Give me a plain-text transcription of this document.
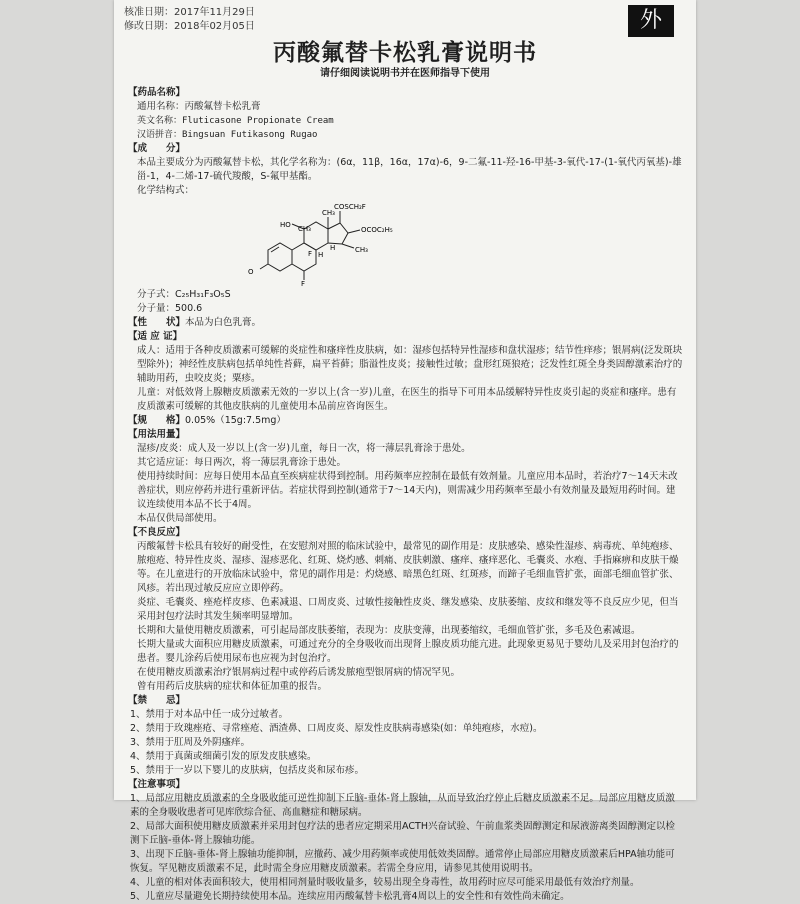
核准日期：2017年11月29日
修改日期：2018年02月05日	外
丙酸氟替卡松乳膏说明书
请仔细阅读说明书并在医师指导下使用

【药品名称】

通用名称：丙酸氟替卡松乳膏

英文名称：Fluticasone Propionate Cream

汉语拼音：Bingsuan Futikasong Rugao

【成　　分】

本品主要成分为丙酸氟替卡松，其化学名称为：(6α，11β，16α，17α)-6，9-二氟-11-羟-16-甲基-3-氧代-17-(1-氧代丙氧基)-雄甾-1，4-二烯-17-硫代羧酸，S-氟甲基酯。

化学结构式：

O
HO
COSCH₂F
OCOC₂H₅
CH₃
CH₃
CH₃
H
H
F
F

分子式：C₂₅H₃₁F₃O₅S

分子量：500.6

【性　　状】本品为白色乳膏。

【适 应 证】

成人：适用于各种皮质激素可缓解的炎症性和瘙痒性皮肤病，如：湿疹包括特异性湿疹和盘状湿疹；结节性痒疹；银屑病(泛发斑块型除外)；神经性皮肤病包括单纯性苔藓，扁平苔藓；脂溢性皮炎；接触性过敏；盘形红斑狼疮；泛发性红斑全身类固醇激素治疗的辅助用药，虫咬皮炎；粟疹。

儿童：对低效肾上腺糖皮质激素无效的一岁以上(含一岁)儿童，在医生的指导下可用本品缓解特异性皮炎引起的炎症和瘙痒。患有皮质激素可缓解的其他皮肤病的儿童使用本品前应咨询医生。

【规　　格】0.05%（15g:7.5mg）

【用法用量】

湿疹/皮炎：成人及一岁以上(含一岁)儿童，每日一次，将一薄层乳膏涂于患处。

其它适应证：每日两次，将一薄层乳膏涂于患处。

使用持续时间：应每日使用本品直至疾病症状得到控制。用药频率应控制在最低有效剂量。儿童应用本品时，若治疗7～14天未改善症状，则应停药并进行重新评估。若症状得到控制(通常于7～14天内)，则需减少用药频率至最小有效剂量及最短用药时间。建议连续使用本品不长于4周。

本品仅供局部使用。

【不良反应】

丙酸氟替卡松具有较好的耐受性，在安慰剂对照的临床试验中，最常见的副作用是：皮肤感染、感染性湿疹、病毒疣、单纯疱疹、脓疱疮、特异性皮炎、湿疹、湿疹恶化、红斑、烧灼感、刺痛、皮肤刺激、瘙痒、瘙痒恶化、毛囊炎、水疱、手指麻痹和皮肤干燥等。在儿童进行的开放临床试验中，常见的副作用是：灼烧感、暗黑色红斑、红斑疹，而蹄子毛细血管扩张，面部毛细血管扩张、风疹。若出现过敏反应应立即停药。

炎症、毛囊炎、痤疮样皮疹、色素减退、口周皮炎、过敏性接触性皮炎、继发感染、皮肤萎缩、皮纹和继发等不良反应少见，但当采用封包疗法时其发生频率明显增加。

长期和大量使用糖皮质激素，可引起局部皮肤萎缩，表现为：皮肤变薄，出现萎缩纹，毛细血管扩张，多毛及色素减退。

长期大量或大面积应用糖皮质激素，可通过充分的全身吸收而出现肾上腺皮质功能亢进。此现象更易见于婴幼儿及采用封包治疗的患者。婴儿涂药后使用尿布也应视为封包治疗。

在使用糖皮质激素治疗银屑病过程中或停药后诱发脓疱型银屑病的情况罕见。

曾有用药后皮肤病的症状和体征加重的报告。

【禁　　忌】

1、禁用于对本品中任一成分过敏者。

2、禁用于玫瑰痤疮、寻常痤疮、酒渣鼻、口周皮炎、原发性皮肤病毒感染(如：单纯疱疹，水痘)。

3、禁用于肛周及外阴瘙痒。

4、禁用于真菌或细菌引发的原发皮肤感染。

5、禁用于一岁以下婴儿的皮肤病，包括皮炎和尿布疹。

【注意事项】

1、局部应用糖皮质激素的全身吸收能可逆性抑制下丘脑-垂体-肾上腺轴，从而导致治疗停止后糖皮质激素不足。局部应用糖皮质激素的全身吸收患者可见库欣综合征、高血糖症和糖尿病。

2、局部大面积使用糖皮质激素并采用封包疗法的患者应定期采用ACTH兴奋试验、午前血浆类固醇测定和尿液游离类固醇测定以检测下丘脑-垂体-肾上腺轴功能。

3、出现下丘脑-垂体-肾上腺轴功能抑制，应撤药、减少用药频率或使用低效类固醇。通常停止局部应用糖皮质激素后HPA轴功能可恢复。罕见糖皮质激素不足，此时需全身应用糖皮质激素。若需全身应用，请参见其使用说明书。

4、儿童的相对体表面积较大，使用相同剂量时吸收量多，较易出现全身毒性，故用药时应尽可能采用最低有效治疗剂量。

5、儿童应尽量避免长期持续使用本品。连续应用丙酸氟替卡松乳膏4周以上的安全性和有效性尚未确定。
